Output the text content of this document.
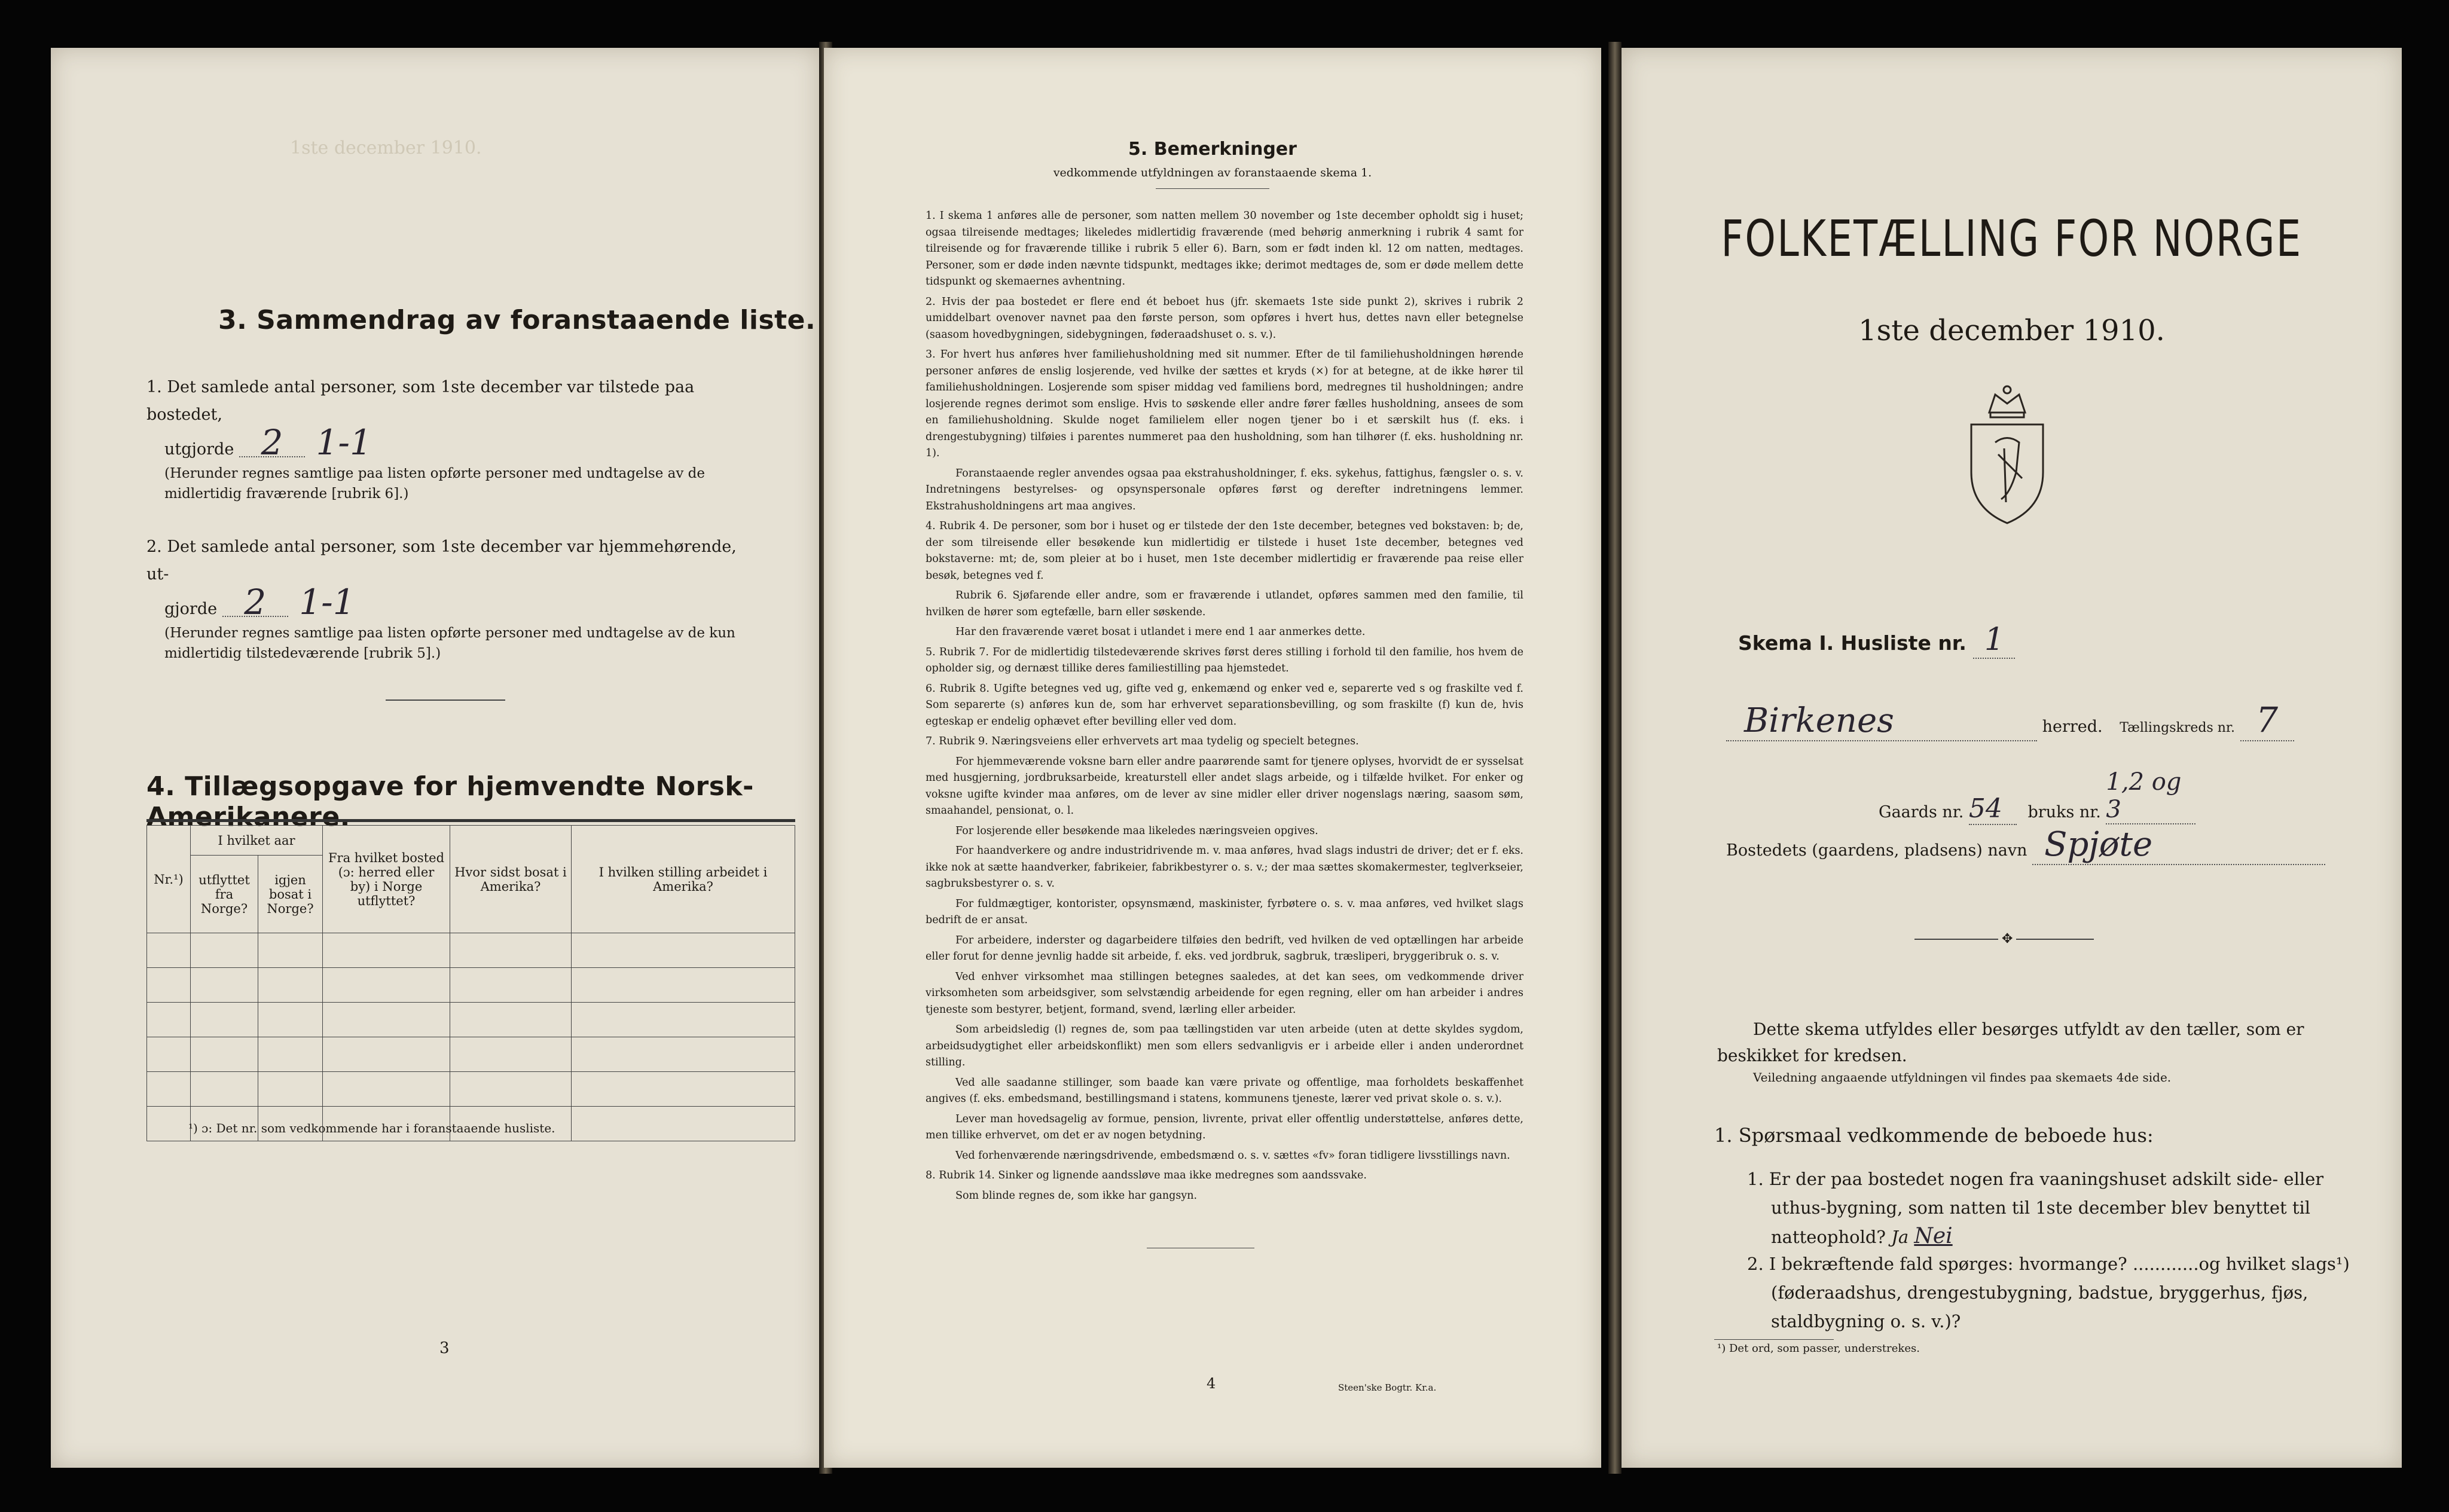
1ste december 1910.
3. Sammendrag av foranstaaende liste.
1. Det samlede antal personer, som 1ste december var tilstede paa bostedet,
utgjorde 2 1-1
(Herunder regnes samtlige paa listen opførte personer med undtagelse av de midlertidig fraværende [rubrik 6].)
2. Det samlede antal personer, som 1ste december var hjemmehørende, ut-
gjorde 2 1-1
(Herunder regnes samtlige paa listen opførte personer med undtagelse av de kun midlertidig tilstedeværende [rubrik 5].)
4. Tillægsopgave for hjemvendte Norsk-Amerikanere.
Nr.¹)	I hvilket aar		Fra hvilket bosted (ɔ: herred eller by) i Norge utflyttet?	Hvor sidst bosat i Amerika?	I hvilken stilling arbeidet i Amerika?
	utflyttet fra Norge?	igjen bosat i Norge?			

¹) ɔ: Det nr. som vedkommende har i foranstaaende husliste.
3
5. Bemerkninger
vedkommende utfyldningen av foranstaaende skema 1.

1. I skema 1 anføres alle de personer, som natten mellem 30 november og 1ste december opholdt sig i huset; ogsaa tilreisende medtages; likeledes midlertidig fraværende (med behørig anmerkning i rubrik 4 samt for tilreisende og for fraværende tillike i rubrik 5 eller 6). Barn, som er født inden kl. 12 om natten, medtages. Personer, som er døde inden nævnte tidspunkt, medtages ikke; derimot medtages de, som er døde mellem dette tidspunkt og skemaernes avhentning.

2. Hvis der paa bostedet er flere end ét beboet hus (jfr. skemaets 1ste side punkt 2), skrives i rubrik 2 umiddelbart ovenover navnet paa den første person, som opføres i hvert hus, dettes navn eller betegnelse (saasom hovedbygningen, sidebygningen, føderaadshuset o. s. v.).

3. For hvert hus anføres hver familiehusholdning med sit nummer. Efter de til familiehusholdningen hørende personer anføres de enslig losjerende, ved hvilke der sættes et kryds (×) for at betegne, at de ikke hører til familiehusholdningen. Losjerende som spiser middag ved familiens bord, medregnes til husholdningen; andre losjerende regnes derimot som enslige. Hvis to søskende eller andre fører fælles husholdning, ansees de som en familiehusholdning. Skulde noget familielem eller nogen tjener bo i et særskilt hus (f. eks. i drengestubygning) tilføies i parentes nummeret paa den husholdning, som han tilhører (f. eks. husholdning nr. 1).

Foranstaaende regler anvendes ogsaa paa ekstrahusholdninger, f. eks. sykehus, fattighus, fængsler o. s. v. Indretningens bestyrelses- og opsynspersonale opføres først og derefter indretningens lemmer. Ekstrahusholdningens art maa angives.

4. Rubrik 4. De personer, som bor i huset og er tilstede der den 1ste december, betegnes ved bokstaven: b; de, der som tilreisende eller besøkende kun midlertidig er tilstede i huset 1ste december, betegnes ved bokstaverne: mt; de, som pleier at bo i huset, men 1ste december midlertidig er fraværende paa reise eller besøk, betegnes ved f.

Rubrik 6. Sjøfarende eller andre, som er fraværende i utlandet, opføres sammen med den familie, til hvilken de hører som egtefælle, barn eller søskende.

Har den fraværende været bosat i utlandet i mere end 1 aar anmerkes dette.

5. Rubrik 7. For de midlertidig tilstedeværende skrives først deres stilling i forhold til den familie, hos hvem de opholder sig, og dernæst tillike deres familiestilling paa hjemstedet.

6. Rubrik 8. Ugifte betegnes ved ug, gifte ved g, enkemænd og enker ved e, separerte ved s og fraskilte ved f. Som separerte (s) anføres kun de, som har erhvervet separationsbevilling, og som fraskilte (f) kun de, hvis egteskap er endelig ophævet efter bevilling eller ved dom.

7. Rubrik 9. Næringsveiens eller erhvervets art maa tydelig og specielt betegnes.

For hjemmeværende voksne barn eller andre paarørende samt for tjenere oplyses, hvorvidt de er sysselsat med husgjerning, jordbruksarbeide, kreaturstell eller andet slags arbeide, og i tilfælde hvilket. For enker og voksne ugifte kvinder maa anføres, om de lever av sine midler eller driver nogenslags næring, saasom søm, smaahandel, pensionat, o. l.

For losjerende eller besøkende maa likeledes næringsveien opgives.

For haandverkere og andre industridrivende m. v. maa anføres, hvad slags industri de driver; det er f. eks. ikke nok at sætte haandverker, fabrikeier, fabrikbestyrer o. s. v.; der maa sættes skomakermester, teglverkseier, sagbruksbestyrer o. s. v.

For fuldmægtiger, kontorister, opsynsmænd, maskinister, fyrbøtere o. s. v. maa anføres, ved hvilket slags bedrift de er ansat.

For arbeidere, inderster og dagarbeidere tilføies den bedrift, ved hvilken de ved optællingen har arbeide eller forut for denne jevnlig hadde sit arbeide, f. eks. ved jordbruk, sagbruk, træsliperi, bryggeribruk o. s. v.

Ved enhver virksomhet maa stillingen betegnes saaledes, at det kan sees, om vedkommende driver virksomheten som arbeidsgiver, som selvstændig arbeidende for egen regning, eller om han arbeider i andres tjeneste som bestyrer, betjent, formand, svend, lærling eller arbeider.

Som arbeidsledig (l) regnes de, som paa tællingstiden var uten arbeide (uten at dette skyldes sygdom, arbeidsudygtighet eller arbeidskonflikt) men som ellers sedvanligvis er i arbeide eller i anden underordnet stilling.

Ved alle saadanne stillinger, som baade kan være private og offentlige, maa forholdets beskaffenhet angives (f. eks. embedsmand, bestillingsmand i statens, kommunens tjeneste, lærer ved privat skole o. s. v.).

Lever man hovedsagelig av formue, pension, livrente, privat eller offentlig understøttelse, anføres dette, men tillike erhvervet, om det er av nogen betydning.

Ved forhenværende næringsdrivende, embedsmænd o. s. v. sættes «fv» foran tidligere livsstillings navn.

8. Rubrik 14. Sinker og lignende aandssløve maa ikke medregnes som aandssvake.

Som blinde regnes de, som ikke har gangsyn.

4	Steen'ske Bogtr. Kr.a.
FOLKETÆLLING FOR NORGE
1ste december 1910.
Skema I. Husliste nr. 1
Birkenes	herred. Tællingskreds nr. 7
Gaards nr. 54 bruks nr. 1,2 og 3
Bostedets (gaardens, pladsens) navn Spjøte
✥
Dette skema utfyldes eller besørges utfyldt av den tæller, som er beskikket for kredsen.
Veiledning angaaende utfyldningen vil findes paa skemaets 4de side.
1. Spørsmaal vedkommende de beboede hus:
1. Er der paa bostedet nogen fra vaaningshuset adskilt side- eller uthus-bygning, som natten til 1ste december blev benyttet til natteophold? Ja Nei
2. I bekræftende fald spørges: hvormange? ............og hvilket slags¹) (føderaadshus, drengestubygning, badstue, bryggerhus, fjøs, staldbygning o. s. v.)?
¹) Det ord, som passer, understrekes.
